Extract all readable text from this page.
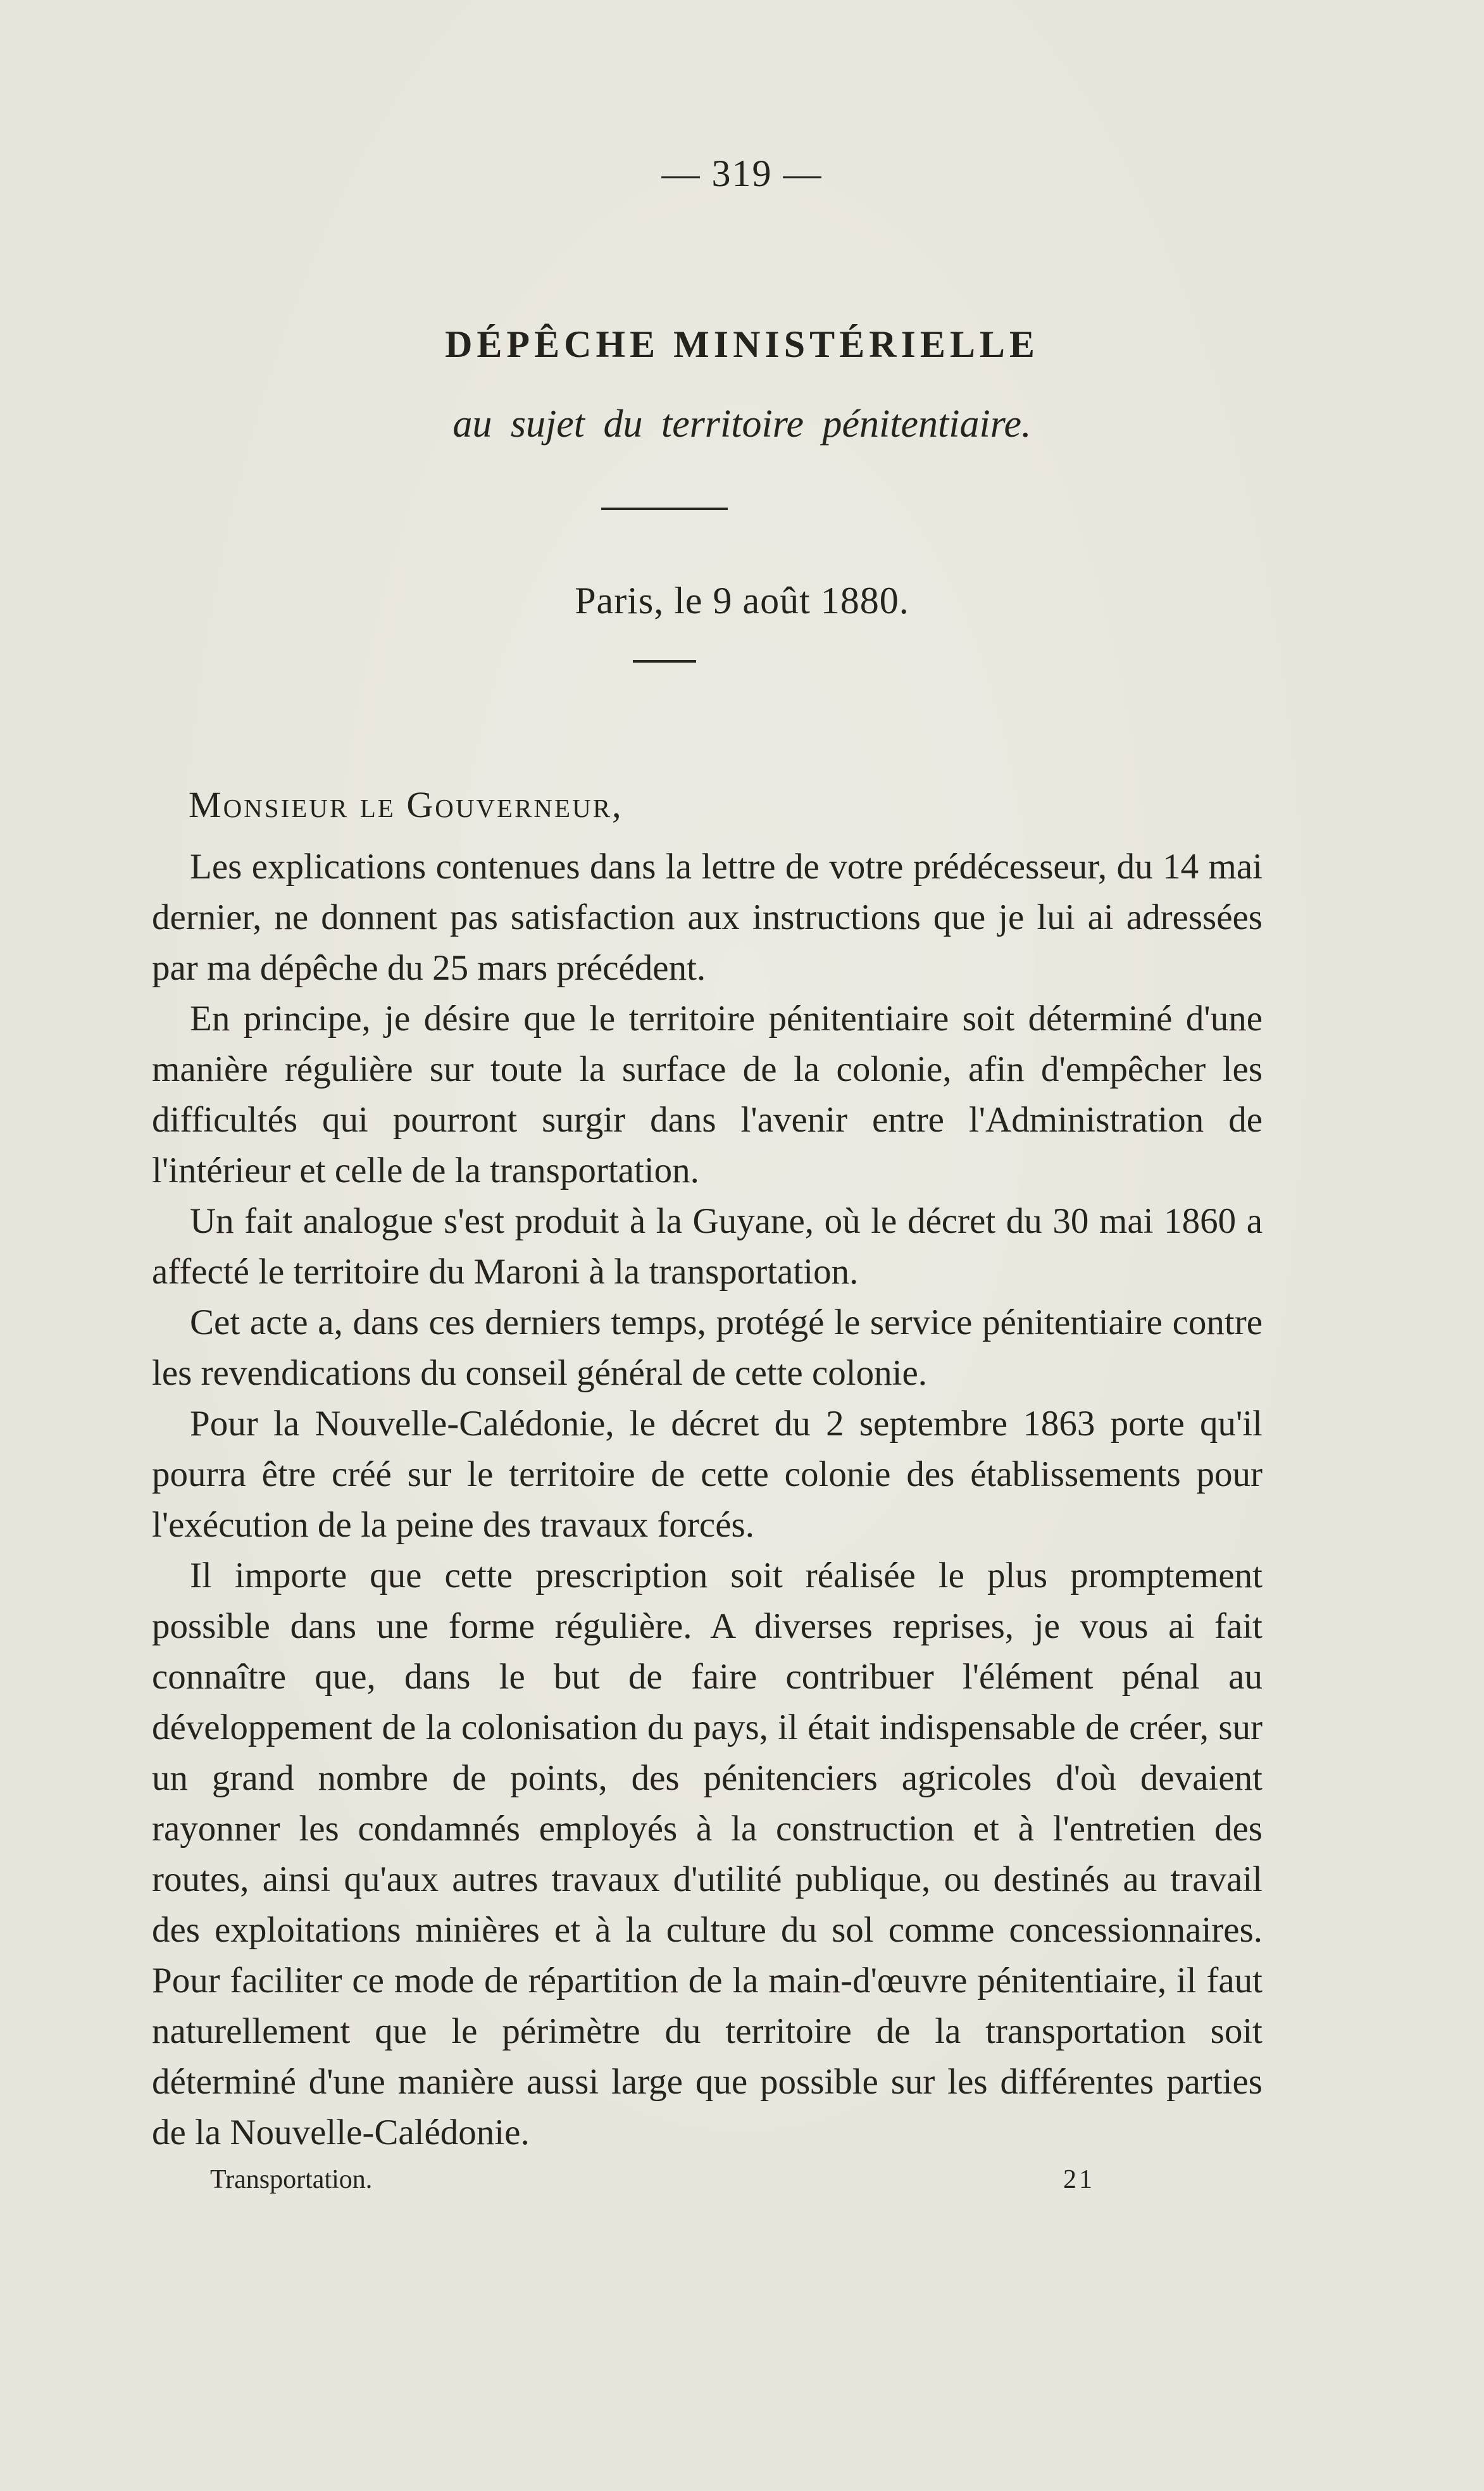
— 319 —
DÉPÊCHE MINISTÉRIELLE
au sujet du territoire pénitentiaire.
Paris, le 9 août 1880.
Monsieur le Gouverneur,

Les explications contenues dans la lettre de votre prédécesseur, du 14 mai dernier, ne donnent pas satisfaction aux instructions que je lui ai adressées par ma dépêche du 25 mars précédent.

En principe, je désire que le territoire pénitentiaire soit déterminé d'une manière régulière sur toute la surface de la colonie, afin d'empêcher les difficultés qui pourront surgir dans l'avenir entre l'Administration de l'intérieur et celle de la transportation.

Un fait analogue s'est produit à la Guyane, où le décret du 30 mai 1860 a affecté le territoire du Maroni à la transportation.

Cet acte a, dans ces derniers temps, protégé le service pénitentiaire contre les revendications du conseil général de cette colonie.

Pour la Nouvelle-Calédonie, le décret du 2 septembre 1863 porte qu'il pourra être créé sur le territoire de cette colonie des établissements pour l'exécution de la peine des travaux forcés.

Il importe que cette prescription soit réalisée le plus promptement possible dans une forme régulière. A diverses reprises, je vous ai fait connaître que, dans le but de faire contribuer l'élément pénal au développement de la colonisation du pays, il était indispensable de créer, sur un grand nombre de points, des pénitenciers agricoles d'où devaient rayonner les condamnés employés à la construction et à l'entretien des routes, ainsi qu'aux autres travaux d'utilité publique, ou destinés au travail des exploitations minières et à la culture du sol comme concessionnaires. Pour faciliter ce mode de répartition de la main-d'œuvre pénitentiaire, il faut naturellement que le périmètre du territoire de la transportation soit déterminé d'une manière aussi large que possible sur les différentes parties de la Nouvelle-Calédonie.

Transportation.	21
